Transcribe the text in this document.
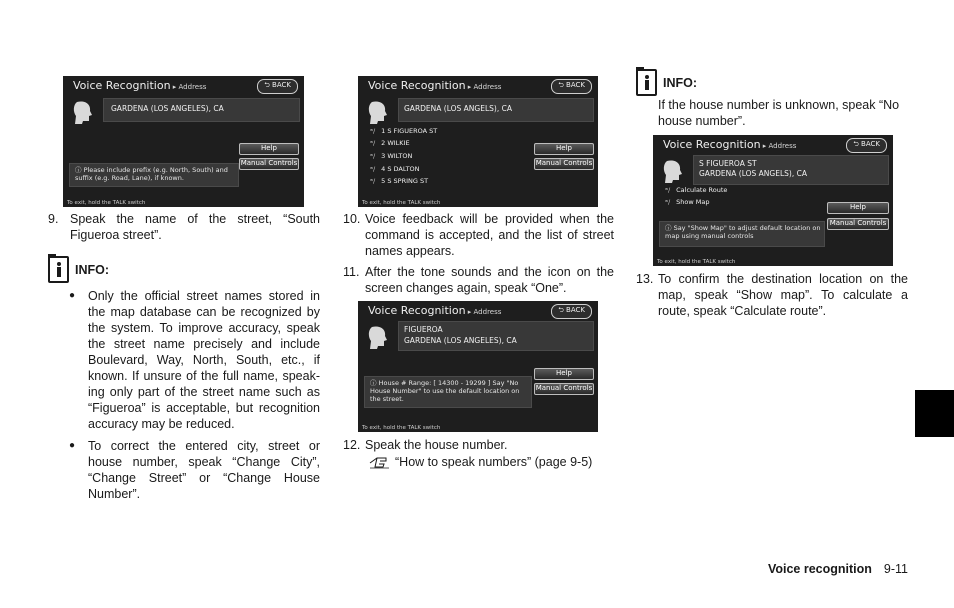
Voice Recognition ▸ Address	⮌ BACK
GARDENA (LOS ANGELES), CA
Help
Manual Controls
ⓘ Please include prefix (e.g. North, South) and suffix (e.g. Road, Lane), if known.
To exit, hold the TALK switch
Voice Recognition ▸ Address	⮌ BACK
GARDENA (LOS ANGELS), CA
ʷ/ 1 S FIGUEROA ST
ʷ/ 2 WILKIE
ʷ/ 3 WILTON
ʷ/ 4 S DALTON
ʷ/ 5 S SPRING ST
Help
Manual Controls
To exit, hold the TALK switch
Voice Recognition ▸ Address	⮌ BACK
FIGUEROA
GARDENA (LOS ANGELES), CA
Help
Manual Controls
ⓘ House # Range: [ 14300 - 19299 ] Say "No House Number" to use the default location on the street.
To exit, hold the TALK switch
Voice Recognition ▸ Address	⮌ BACK
S FIGUEROA ST
GARDENA (LOS ANGELS), CA
ʷ/ Calculate Route
ʷ/ Show Map
Help
Manual Controls
ⓘ Say "Show Map" to adjust default location on map using manual controls
To exit, hold the TALK switch
9. Speak the name of the street, “South Figueroa street”.
INFO:
● Only the official street names stored in the map database can be recognized by the system. To improve accuracy, speak the street name precisely and include Boulevard, Way, North, South, etc., if known. If unsure of the full name, speak- ing only part of the street name such as “Figueroa” is acceptable, but recognition accuracy may be reduced.
● To correct the entered city, street or house number, speak “Change City”, “Change Street” or “Change House Number”.
10. Voice feedback will be provided when the command is accepted, and the list of street names appears.
11. After the tone sounds and the icon on the screen changes again, speak “One”.
12. Speak the house number.
“How to speak numbers” (page 9-5)
INFO:
If the house number is unknown, speak “No house number”.
13. To confirm the destination location on the map, speak “Show map”. To calculate a route, speak “Calculate route”.
Voice recognition 9-11
